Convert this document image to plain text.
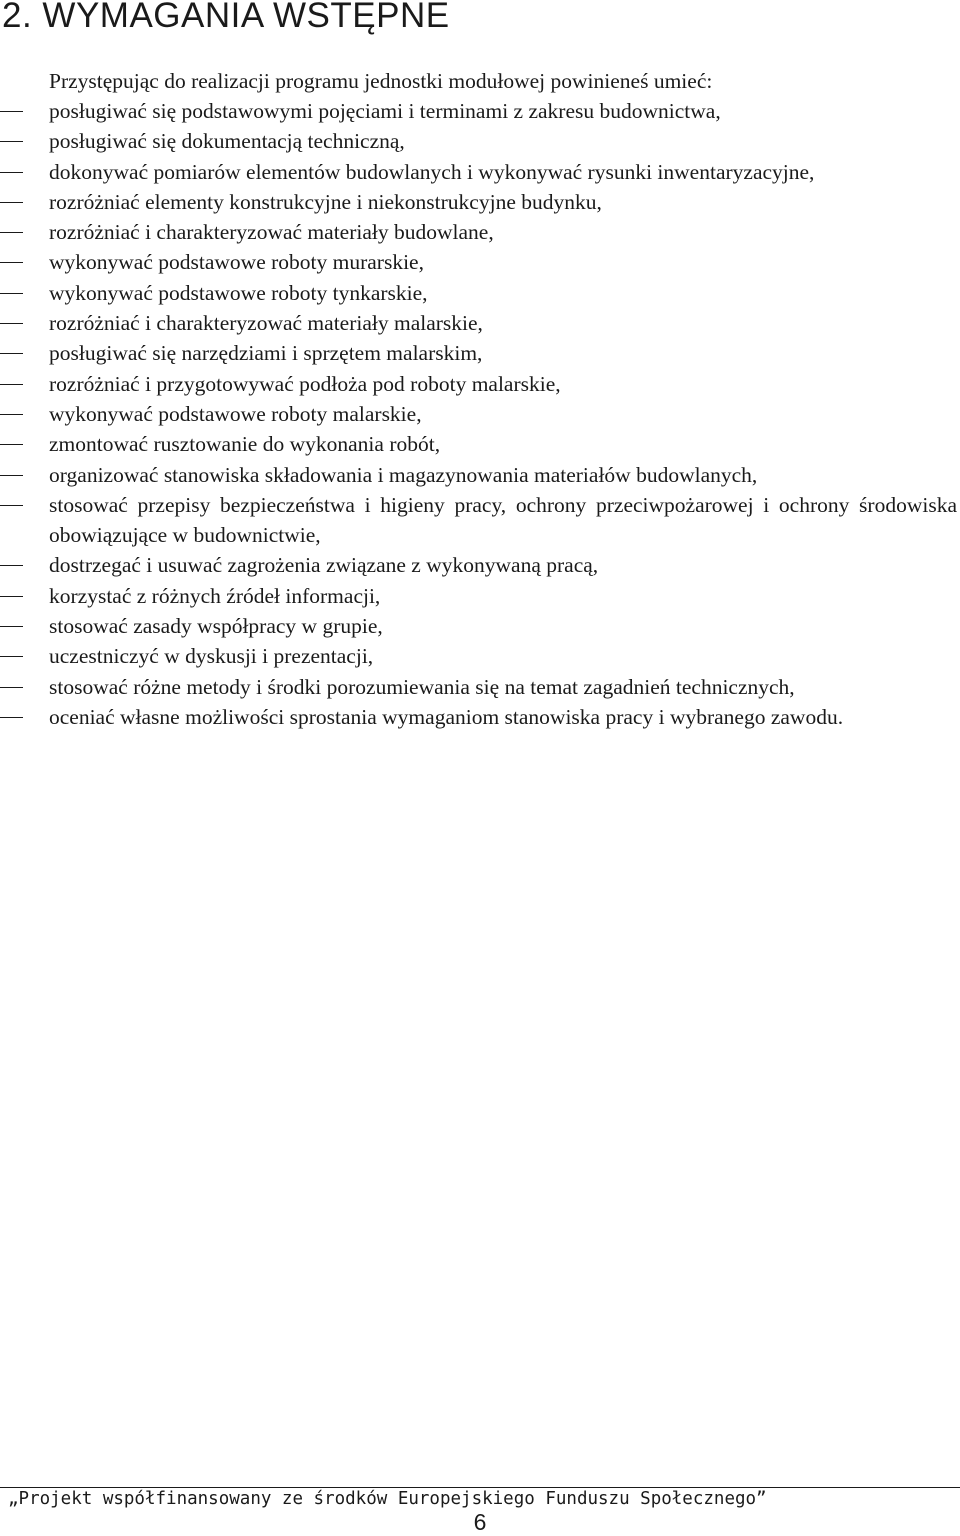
2. WYMAGANIA WSTĘPNE

Przystępując do realizacji programu jednostki modułowej powinieneś umieć:

posługiwać się podstawowymi pojęciami i terminami z zakresu budownictwa,
posługiwać się dokumentacją techniczną,
dokonywać pomiarów elementów budowlanych i wykonywać rysunki inwentaryzacyjne,
rozróżniać elementy konstrukcyjne i niekonstrukcyjne budynku,
rozróżniać i charakteryzować materiały budowlane,
wykonywać podstawowe roboty murarskie,
wykonywać podstawowe roboty tynkarskie,
rozróżniać i charakteryzować materiały malarskie,
posługiwać się narzędziami i sprzętem malarskim,
rozróżniać i przygotowywać podłoża pod roboty malarskie,
wykonywać podstawowe roboty malarskie,
zmontować rusztowanie do wykonania robót,
organizować stanowiska składowania i magazynowania materiałów budowlanych,
stosować przepisy bezpieczeństwa i higieny pracy, ochrony przeciwpożarowej i ochrony środowiska obowiązujące w budownictwie,
dostrzegać i usuwać zagrożenia związane z wykonywaną pracą,
korzystać z różnych źródeł informacji,
stosować zasady współpracy w grupie,
uczestniczyć w dyskusji i prezentacji,
stosować różne metody i środki porozumiewania się na temat zagadnień technicznych,
oceniać własne możliwości sprostania wymaganiom stanowiska pracy i wybranego zawodu.
„Projekt współfinansowany ze środków Europejskiego Funduszu Społecznego”
6
